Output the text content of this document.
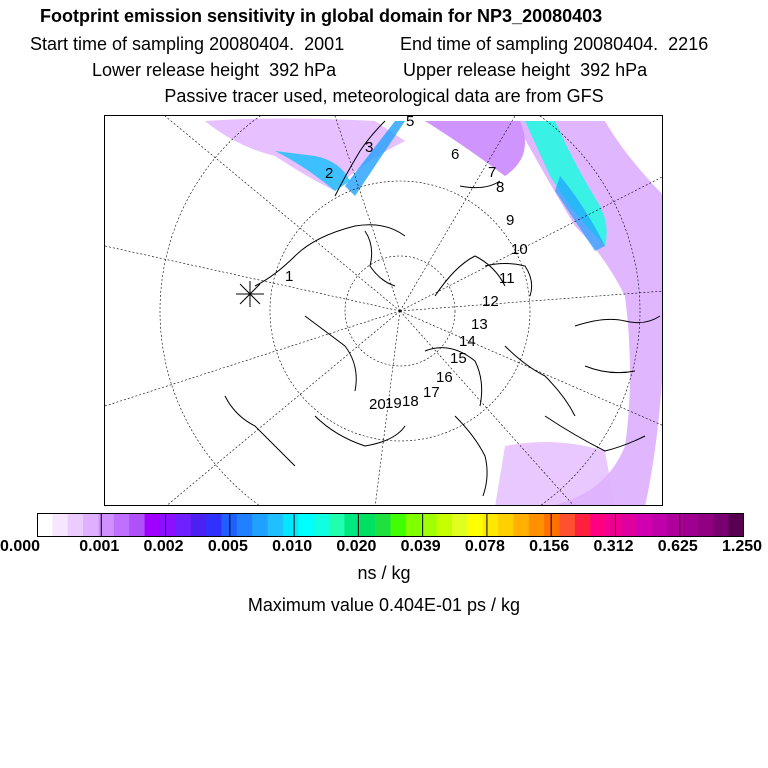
Footprint emission sensitivity in global domain for NP3_20080403
Start time of sampling 20080404.  2001	End time of sampling 20080404.  2216
Lower release height  392 hPa	Upper release height  392 hPa
Passive tracer used, meteorological data are from GFS
1
2
3
5
6
7
8
9
10
11
12
13
14
15
16
17
18
19
20
0.000 0.001 0.002 0.005 0.010 0.020 0.039 0.078 0.156 0.312 0.625 1.250
ns / kg
Maximum value 0.404E-01 ps / kg
